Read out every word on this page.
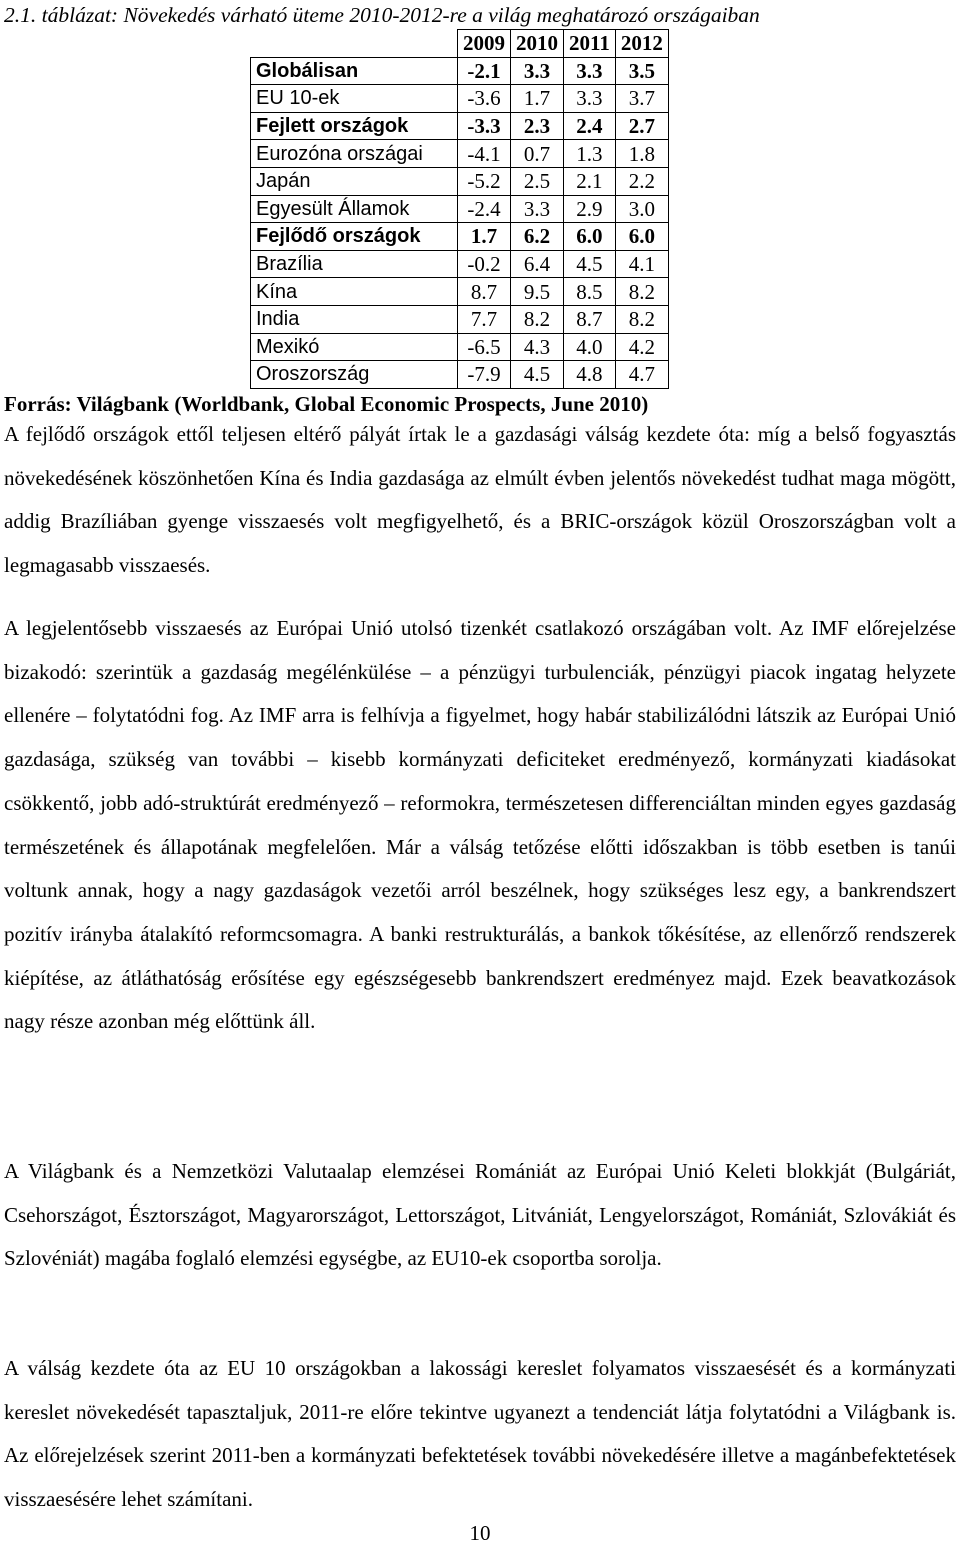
2.1. táblázat: Növekedés várható üteme 2010-2012-re a világ meghatározó országaiban
	2009	2010	2011	2012
Globálisan	-2.1	3.3	3.3	3.5
EU 10-ek	-3.6	1.7	3.3	3.7
Fejlett országok	-3.3	2.3	2.4	2.7
Eurozóna országai	-4.1	0.7	1.3	1.8
Japán	-5.2	2.5	2.1	2.2
Egyesült Államok	-2.4	3.3	2.9	3.0
Fejlődő országok	1.7	6.2	6.0	6.0
Brazília	-0.2	6.4	4.5	4.1
Kína	8.7	9.5	8.5	8.2
India	7.7	8.2	8.7	8.2
Mexikó	-6.5	4.3	4.0	4.2
Oroszország	-7.9	4.5	4.8	4.7
Forrás: Világbank (Worldbank, Global Economic Prospects, June 2010)
A fejlődő országok ettől teljesen eltérő pályát írtak le a gazdasági válság kezdete óta: míg a belső fogyasztás növekedésének köszönhetően Kína és India gazdasága az elmúlt évben jelentős növekedést tudhat maga mögött, addig Brazíliában gyenge visszaesés volt megfigyelhető, és a BRIC-országok közül Oroszországban volt a legmagasabb visszaesés.
A legjelentősebb visszaesés az Európai Unió utolsó tizenkét csatlakozó országában volt. Az IMF előrejelzése bizakodó: szerintük a gazdaság megélénkülése – a pénzügyi turbulenciák, pénzügyi piacok ingatag helyzete ellenére – folytatódni fog. Az IMF arra is felhívja a figyelmet, hogy habár stabilizálódni látszik az Európai Unió gazdasága, szükség van további – kisebb kormányzati deficiteket eredményező, kormányzati kiadásokat csökkentő, jobb adó-struktúrát eredményező – reformokra, természetesen differenciáltan minden egyes gazdaság természetének és állapotának megfelelően. Már a válság tetőzése előtti időszakban is több esetben is tanúi voltunk annak, hogy a nagy gazdaságok vezetői arról beszélnek, hogy szükséges lesz egy, a bankrendszert pozitív irányba átalakító reformcsomagra. A banki restrukturálás, a bankok tőkésítése, az ellenőrző rendszerek kiépítése, az átláthatóság erősítése egy egészségesebb bankrendszert eredményez majd. Ezek beavatkozások nagy része azonban még előttünk áll.
A Világbank és a Nemzetközi Valutaalap elemzései Romániát az Európai Unió Keleti blokkját (Bulgáriát, Csehországot, Észtországot, Magyarországot, Lettországot, Litvániát, Lengyelországot, Romániát, Szlovákiát és Szlovéniát) magába foglaló elemzési egységbe, az EU10-ek csoportba sorolja.
A válság kezdete óta az EU 10 országokban a lakossági kereslet folyamatos visszaesését és a kormányzati kereslet növekedését tapasztaljuk, 2011-re előre tekintve ugyanezt a tendenciát látja folytatódni a Világbank is. Az előrejelzések szerint 2011-ben a kormányzati befektetések további növekedésére illetve a magánbefektetések visszaesésére lehet számítani.
10
